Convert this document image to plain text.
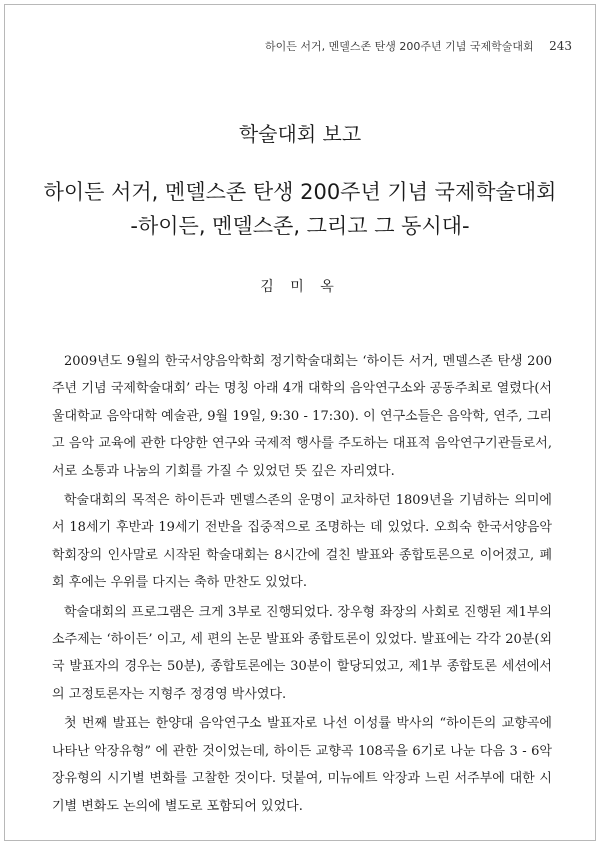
하이든 서거, 멘델스존 탄생 200주년 기념 국제학술대회 243
학술대회 보고
하이든 서거, 멘델스존 탄생 200주년 기념 국제학술대회
-하이든, 멘델스존, 그리고 그 동시대-
김 미 옥

2009년도 9월의 한국서양음악학회 정기학술대회는 ‘하이든 서거, 멘델스존 탄생 200주년 기념 국제학술대회’ 라는 명칭 아래 4개 대학의 음악연구소와 공동주최로 열렸다(서울대학교 음악대학 예술관, 9월 19일, 9:30 - 17:30). 이 연구소들은 음악학, 연주, 그리고 음악 교육에 관한 다양한 연구와 국제적 행사를 주도하는 대표적 음악연구기관들로서, 서로 소통과 나눔의 기회를 가질 수 있었던 뜻 깊은 자리였다.

학술대회의 목적은 하이든과 멘델스존의 운명이 교차하던 1809년을 기념하는 의미에서 18세기 후반과 19세기 전반을 집중적으로 조명하는 데 있었다. 오희숙 한국서양음악학회장의 인사말로 시작된 학술대회는 8시간에 걸친 발표와 종합토론으로 이어졌고, 폐회 후에는 우위를 다지는 축하 만찬도 있었다.

학술대회의 프로그램은 크게 3부로 진행되었다. 장우형 좌장의 사회로 진행된 제1부의 소주제는 ‘하이든’ 이고, 세 편의 논문 발표와 종합토론이 있었다. 발표에는 각각 20분(외국 발표자의 경우는 50분), 종합토론에는 30분이 할당되었고, 제1부 종합토론 세션에서의 고정토론자는 지형주 정경영 박사였다.

첫 번째 발표는 한양대 음악연구소 발표자로 나선 이성률 박사의 “하이든의 교향곡에 나타난 악장유형” 에 관한 것이었는데, 하이든 교향곡 108곡을 6기로 나눈 다음 3 - 6악장유형의 시기별 변화를 고찰한 것이다. 덧붙여, 미뉴에트 악장과 느린 서주부에 대한 시기별 변화도 논의에 별도로 포함되어 있었다.
